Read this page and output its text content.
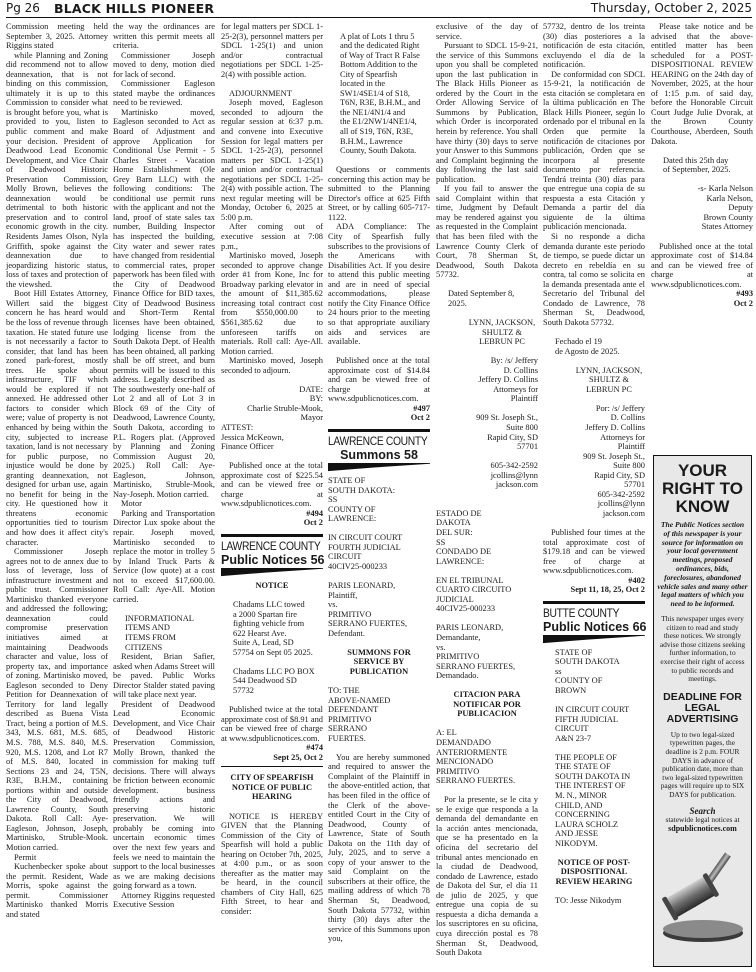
Pg 26 BLACK HILLS PIONEER	Thursday, October 2, 2025
Commission meeting held September 3, 2025. Attorney Riggins stated
while Planning and Zoning did recommend not to allow deannexation, that is not binding on this commission, ultimately it is up to this Commission to consider what is brought before you, what is provided to you, listen to public comment and make your decision. President of Deadwood Lead Economic Development, and Vice Chair of Deadwood Historic Preservation Commission, Molly Brown, believes the deannexation would be detrimental to both historic preservation and to control economic growth in the city. Residents James Olson, Nyla Griffith, spoke against the deannexation due to jeopardizing historic status, loss of taxes and protection of the viewshed.
Boot Hill Estates Attorney, Willert said the biggest concern he has heard would be the loss of revenue through taxation. He stated future use is not necessarily a factor to consider, that land has been zoned park-forest, mostly trees. He spoke about infrastructure, TIF which would be explored if not annexed. He addressed other factors to consider which were; value of property is not enhanced by being within the city, subjected to increase taxation, land is not necessary for public purpose, no injustice would be done by granting deannexation, not designed for urban use, again no benefit for being in the city. He questioned how it threatens economic opportunities tied to tourism and how does it affect city's character.
Commissioner Joseph agrees not to de annex due to loss of leverage, loss of infrastructure investment and public trust. Commissioner Martinisko thanked everyone and addressed the following; deannexation could compromise preservation initiatives aimed at maintaining Deadwoods character and value, loss of property tax, and importance of zoning. Martinisko moved, Eagleson seconded to Deny Petition for Deannexation of Territory for land legally described as Buena Vista Tract, being a portion of M.S. 343, M.S. 681, M.S. 685, M.S. 788, M.S. 840, M.S. 920, M.S. 1208, and Lot R7 of M.S. 840, located in Sections 23 and 24, T5N, R3E, B.H.M., containing portions within and outside the City of Deadwood, Lawrence County, South Dakota. Roll Call: Aye-Eagleson, Johnson, Joseph, Martinisko, Struble-Mook. Motion carried.
Permit
Kuchenbecker spoke about the permit. Resident, Wade Morris, spoke against the permit. Commissioner Martinisko thanked Morris and stated
the way the ordinances are written this permit meets all criteria.
Commissioner Joseph moved to deny, motion died for lack of second.
Commissioner Eagleson stated maybe the ordinances need to be reviewed.
Martinisko moved, Eagleson seconded to Act as Board of Adjustment and approve Application for Conditional Use Permit - 5 Charles Street - Vacation Home Establishment (Ole Grey Barn LLC) with the following conditions: The conditional use permit runs with the applicant and not the land, proof of state sales tax number, Building Inspector has inspected the building, City water and sewer rates have changed from residential to commercial rates, proper paperwork has been filed with the City of Deadwood Finance Office for BID taxes, City of Deadwood Business and Short-Term Rental licenses have been obtained, lodging license from the South Dakota Dept. of Health has been obtained, all parking shall be off street, and burn permits will be issued to this address. Legally described as The southwesterly one-half of Lot 2 and all of Lot 3 in Block 69 of the City of Deadwood, Lawrence County, South Dakota, according to P.L. Rogers plat. (Approved by Planning and Zoning Commission August 20, 2025.) Roll Call: Aye-Eagleson, Johnson, Martinisko, Struble-Mook, Nay-Joseph. Motion carried.
Motor
Parking and Transportation Director Lux spoke about the repair. Joseph moved, Martinisko seconded to replace the motor in trolley 5 by Inland Truck Parts & Service (low quote) at a cost not to exceed $17,600.00. Roll Call: Aye-All. Motion carried.
INFORMATIONAL
ITEMS AND
ITEMS FROM
CITIZENS
Resident, Brian Safier, asked when Adams Street will be paved. Public Works Director Stalder stated paving will take place next year.
President of Deadwood Lead Economic Development, and Vice Chair of Deadwood Historic Preservation Commission, Molly Brown, thanked the commission for making tuff decisions. There will always be friction between economic development. business friendly actions and preserving historic preservation. We will probably be coming into uncertain economic times over the next few years and feels we need to maintain the support to the local businesses as we are making decisions going forward as a town.
Attorney Riggins requested Executive Session
for legal matters per SDCL 1-25-2(3), personnel matters per SDCL 1-25(1) and union and/or contractual negotiations per SDCL 1-25-2(4) with possible action.
ADJOURNMENT
Joseph moved, Eagleson seconded to adjourn the regular session at 6:37 p.m. and convene into Executive Session for legal matters per SDCL 1-25-2(3), personnel matters per SDCL 1-25(1) and union and/or contractual negotiations per SDCL 1-25-2(4) with possible action. The next regular meeting will be Monday, October 6, 2025 at 5:00 p.m.
After coming out of executive session at 7:08 p.m.,
Martinisko moved, Joseph seconded to approve change order #1 from Kone, Inc for Broadway parking elevator in the amount of $11,385.62 increasing total contract cost from $550,000.00 to $561,385.62 due to unforeseen tariffs on materials. Roll call: Aye-All. Motion carried.
Martinisko moved, Joseph seconded to adjourn.
DATE:
BY:
Charlie Struble-Mook,
Mayor
ATTEST:
Jessica McKeown,
Finance Officer
Published once at the total approximate cost of $225.54 and can be viewed free or charge at www.sdpublicnotices.com.
#494
Oct 2
LAWRENCE COUNTY
Public Notices 56
NOTICE
Chadams LLC towed
a 2000 Spartan fire
fighting vehicle from
622 Hearst Ave.
Suite A, Lead, SD
57754 on Sept 05 2025.
Chadams LLC PO BOX
544 Deadwood SD
57732
Published twice at the total approximate cost of $8.91 and can be viewed free of charge at www.sdpublicnotices.com.
#474
Sept 25, Oct 2
CITY OF SPEARFISH NOTICE OF PUBLIC HEARING
NOTICE IS HEREBY GIVEN that the Planning Commission of the City of Spearfish will hold a public hearing on October 7th, 2025, at 4:00 p.m., or as soon thereafter as the matter may be heard, in the council chambers of City Hall, 625 Fifth Street, to hear and consider:
A plat of Lots 1 thru 5
and the dedicated Right
of Way of Tract R False
Bottom Addition to the
City of Spearfish
located in the
SW1/4SE1/4 of S18,
T6N, R3E, B.H.M., and
the NE1/4N1/4 and
the E1/2NW1/4NE1/4,
all of S19, T6N, R3E,
B.H.M., Lawrence
County, South Dakota.
Questions or comments concerning this action may be submitted to the Planning Director's office at 625 Fifth Street, or by calling 605-717-1122.
ADA Compliance: The City of Spearfish fully subscribes to the provisions of the Americans with Disabilities Act. If you desire to attend this public meeting and are in need of special accommodations, please notify the City Finance Office 24 hours prior to the meeting so that appropriate auxiliary aids and services are available.
Published once at the total approximate cost of $14.84 and can be viewed free of charge at www.sdpublicnotices.com.
#497
Oct 2
LAWRENCE COUNTY
Summons 58
STATE OF
SOUTH DAKOTA:
SS
COUNTY OF
LAWRENCE:
IN CIRCUIT COURT
FOURTH JUDICIAL
CIRCUIT
40CIV25-000233
PARIS LEONARD,
Plaintiff,
vs.
PRIMITIVO
SERRANO FUERTES,
Defendant.
SUMMONS FOR SERVICE BY PUBLICATION
TO: THE
ABOVE-NAMED
DEFENDANT
PRIMITIVO
SERRANO
FUERTES.
You are hereby summoned and required to answer the Complaint of the Plaintiff in the above-entitled action, that has been filed in the office of the Clerk of the above-entitled Court in the City of Deadwood, County of Lawrence, State of South Dakota on the 11th day of July, 2025, and to serve a copy of your answer to the said Complaint on the subscribers at their office, the mailing address of which 78 Sherman St, Deadwood, South Dakota 57732, within thirty (30) days after the service of this Summons upon you,
exclusive of the day of service.
Pursuant to SDCL 15-9-21, the service of this Summons upon you shall be completed upon the last publication in The Black Hills Pioneer as ordered by the Court in the Order Allowing Service of Summons by Publication, which Order is incorporated herein by reference. You shall have thirty (30) days to serve your Answer to this Summons and Complaint beginning the day following the last said publication.
If you fail to answer the said Complaint within that time, Judgment by Default may be rendered against you as requested in the Complaint that has been filed with the Lawrence County Clerk of Court, 78 Sherman St, Deadwood, South Dakota 57732.
Dated September 8,
2025.
LYNN, JACKSON,
SHULTZ &
LEBRUN PC
By: /s/ Jeffery
D. Collins
Jeffery D. Collins
Attorneys for
Plaintiff
909 St. Joseph St.,
Suite 800
Rapid City, SD
57701
605-342-2592
jcollins@lynn
jackson.com
ESTADO DE
DAKOTA
DEL SUR:
SS
CONDADO DE
LAWRENCE:
EN EL TRIBUNAL
CUARTO CIRCUITO
JUDICIAL
40CIV25-000233
PARIS LEONARD,
Demandante,
vs.
PRIMITIVO
SERRANO FUERTES,
Demandado.
CITACION PARA NOTIFICAR POR PUBLICACION
A: EL
DEMANDADO
ANTERIORMENTE
MENCIONADO
PRIMITIVO
SERRANO FUERTES.
Por la presente, se le cita y se le exige que responda a la demanda del demandante en la acción antes mencionada, que se ha presentado en la oficina del secretario del tribunal antes mencionado en la ciudad de Deadwood, condado de Lawrence, estado de Dakota del Sur, el día 11 de julio de 2025, y que entregue una copia de su respuesta a dicha demanda a los suscriptores en su oficina, cuya dirección postal es 78 Sherman St, Deadwood, South Dakota
57732, dentro de los treinta (30) días posteriores a la notificación de esta citación, excluyendo el día de la notificación.
De conformidad con SDCL 15-9-21, la notificación de esta citación se completara en la última publicación en The Black Hills Pioneer, según lo ordenado por el tribunal en la Orden que permite la notificación de citaciones por publicación, Orden que se incorpora al presente documento por referencia. Tendrá treinta (30) días para que entregue una copia de su respuesta a esta Citación y Demanda a partir del día siguiente de la última publicación mencionada.
Si no responde a dicha demanda durante este periodo de tiempo, se puede dictar un decreto en rebeldía en su contra, tal como se solicita en la demanda presentada ante el Secretario del Tribunal del Condado de Lawrence, 78 Sherman St, Deadwood, South Dakota 57732.
Fechado el 19
de Agosto de 2025.
LYNN, JACKSON,
SHULTZ &
LEBRUN PC
Por: /s/ Jeffery
D. Collins
Jeffery D. Collins
Attorneys for
Plaintiff
909 St. Joseph St.,
Suite 800
Rapid City, SD
57701
605-342-2592
jcollins@lynn
jackson.com
Published four times at the total approximate cost of $179.18 and can be viewed free of charge at www.sdpublicnotices.com.
#402
Sept 11, 18, 25, Oct 2
BUTTE COUNTY
Public Notices 66
STATE OF
SOUTH DAKOTA
ss
COUNTY OF
BROWN
IN CIRCUIT COURT
FIFTH JUDICIAL
CIRCUIT
A&N 23-7
THE PEOPLE OF
THE STATE OF
SOUTH DAKOTA IN
THE INTEREST OF
M. N., MINOR
CHILD, AND
CONCERNING
LAURA SCHOLZ
AND JESSE
NIKODYM.
NOTICE OF POST-DISPOSITIONAL REVIEW HEARING
TO: Jesse Nikodym
Please take notice and be advised that the above-entitled matter has been scheduled for a POST-DISPOSITIONAL REVIEW HEARING on the 24th day of November, 2025, at the hour of 1:15 p.m. of said day, before the Honorable Circuit Court Judge Julie Dvorak, at the Brown County Courthouse, Aberdeen, South Dakota.
Dated this 25th day
of September, 2025.
-s- Karla Nelson
Karla Nelson,
Deputy
Brown County
States Attorney
Published once at the total approximate cost of $14.84 and can be viewed free of charge at www.sdpublicnotices.com.
#493
Oct 2
YOUR RIGHT TO KNOW
The Public Notices section of this newspaper is your source for information on your local government meetings, proposed ordinances, bids, foreclosures, abandoned vehicle sales and many other legal matters of which you need to be informed.
This newspaper urges every citizen to read and study these notices. We strongly advise those citizens seeking further information, to exercise their right of access to public records and meetings.
DEADLINE FOR LEGAL ADVERTISING
Up to two legal-sized typewritten pages, the deadline is 2 p.m. FOUR DAYS in advance of publication date, more than two legal-sized typewritten pages will require up to SIX DAYS for publication.
Search
statewide legal notices at
sdpublicnotices.com
